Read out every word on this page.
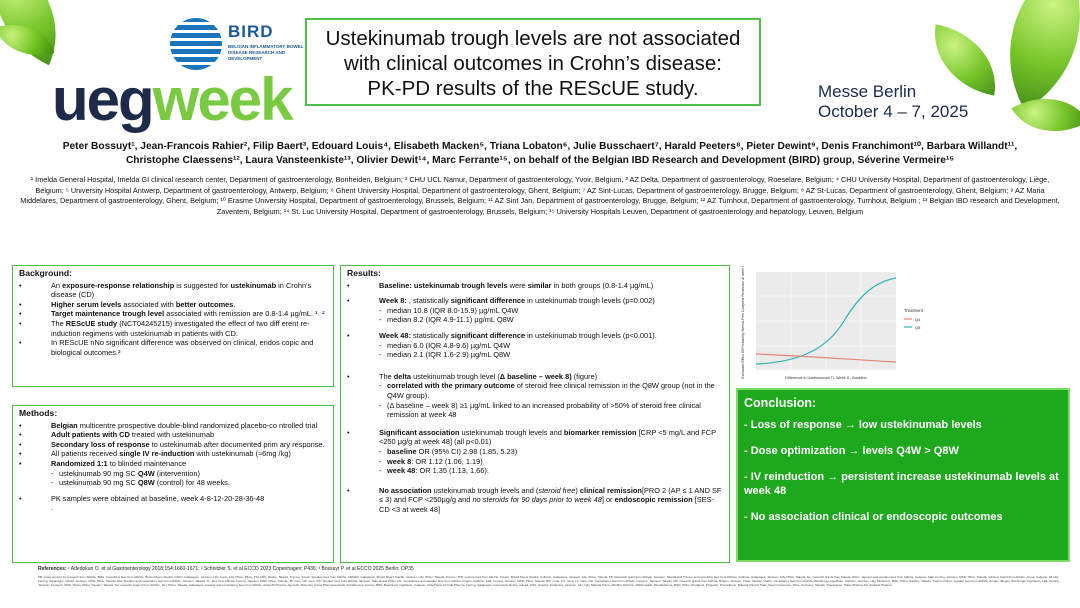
BIRD
BELGIAN INFLAMMATORY BOWEL DISEASE RESEARCH AND DEVELOPMENT
uegweek

Ustekinumab trough levels are not associated

with clinical outcomes in Crohn’s disease:

PK-PD results of the REScUE study.	Messe Berlin
October 4 – 7, 2025
Peter Bossuyt¹, Jean-Francois Rahier², Filip Baert³, Edouard Louis⁴, Elisabeth Macken⁵, Triana Lobaton⁶, Julie Busschaert⁷, Harald Peeters⁸, Pieter Dewint⁹, Denis Franchimont¹⁰, Barbara Willandt¹¹, Christophe Claessens¹², Laura Vansteenkiste¹³, Olivier Dewit¹⁴, Marc Ferrante¹⁵, on behalf of the Belgian IBD Research and Development (BIRD) group, Séverine Vermeire¹⁵
¹ Imelda General Hospital, Imelda GI clinical research center, Department of gastroenterology, Bonheiden, Belgium; ² CHU UCL Namur, Department of gastroenterology, Yvoir, Belgium, ³ AZ Delta, Department of gastroenterology, Roeselare, Belgium; ⁴ CHU University Hospital, Department of gastroenterology, Liège, Belgium; ⁵ University Hospital Antwerp, Department of gastroenterology, Antwerp, Belgium; ⁶ Ghent University Hospital, Department of gastroenterology, Ghent, Belgium; ⁷ AZ Sint-Lucas, Department of gastroenterology, Brugge, Belgium; ⁸ AZ St-Lucas, Department of gastroenterology, Ghent, Belgium; ⁹ AZ Maria Middelares, Department of gastroenterology, Ghent, Belgium; ¹⁰ Erasme University Hospital, Department of gastroenterology, Brussels, Belgium; ¹¹ AZ Sint Jan, Department of gastroenterology, Brugge, Belgium; ¹² AZ Turnhout, Department of gastroenterology, Turnhout, Belgium ; ¹³ Belgian IBD research and Development, Zaventem, Belgium; ¹⁴ St. Luc University Hospital, Department of gastroenterology, Brussels, Belgium; ¹⁵ University Hospitals Leuven, Department of gastroenterology and hepatology, Leuven, Belgium
Background:
• An exposure-response relationship is suggested for ustekinumab in Crohn's disease (CD)
• Higher serum levels associated with better outcomes.
• Target maintenance trough level associated with remission are 0.8-1.4 µg/mL. ¹˒ ²
• The REScUE study (NCT04245215) investigated the effect of two diff erent re-induction regimens with ustekinumab in patients with CD.
• In REScUE nNo significant difference was observed on clinical, endos copic and biological outcomes.³
Methods:
• Belgian multicentre prospective double-blind randomized placebo-co ntrolled trial
• Adult patients with CD treated with ustekinumab
• Secondary loss of response to ustekinumab after documented prim ary response.
• All patients received single IV re-induction with ustekinumab (≈6mg /kg)
• Randomized 1:1 to blinded maintenance
- ustekinumab 90 mg SC Q4W (intervention)
- ustekinumab 90 mg SC Q8W (control) for 48 weeks.
• PK samples were obtained at baseline, week 4-8-12-20-28-36-48
.
Results:
• Baseline: ustekinumab trough levels were similar in both groups (0.8-1.4 µg/mL)
• Week 8: , statistically significant difference in ustekinumab trough levels (p=0.002)
- median 10.8 (IQR 8.0-15.9) µg/mL Q4W
- median 8.2 (IQR 4.9-11.1) µg/mL Q8W
• Week 48: statistically significant difference in ustekinumab trough levels (p<0.001).
- median 6.0 (IQR 4.8-9.6) µg/mL Q4W
- median 2.1 (IQR 1.6-2.9) µg/mL Q8W
• The delta ustekinumab trough level (Δ baseline – week 8) (figure)
- correlated with the primary outcome of steroid free clinical remission in the Q8W group (not in the Q4W group).
- (Δ baseline – week 8) ≥1 µg/mL linked to an increased probability of >50% of steroid free clinical remission at week 48
• Significant association ustekinumab trough levels and biomarker remission [CRP <5 mg/L and FCP <250 µg/g at week 48] (all p<0.01)
- baseline OR (95% CI) 2.98 (1.85, 5.23)
- week 8: OR 1.12 (1.06, 1.19)
- week 48: OR 1.35 (1.13, 1.66).
• No association ustekinumab trough levels and (steroid free) clinical remission[PRO 2 (AP ≤ 1 AND SF ≤ 3) and FCP <250µg/g and no steroids for 90 days prior to week 48] or endoscopic remission [SES-CD <3 at week 48]
Estimated Effect Of Probability Steroid-Free Complete Remission at week 48	Difference in Ustekinumab TL Week 8 - Baseline
Treatment
Q4
Q8
Conclusion:

- Loss of response → low ustekinumab levels

- Dose optimization → levels Q4W > Q8W

- IV reinduction → persistent increase ustekinumab levels at week 48

- No association clinical or endoscopic outcomes

References: ¹ Adedokun O. et al Gastroenterology 2018;154:1660-1671; ² Schnitzler S. et al ECCO 2023 Copenhagen; P436; ³ Bossuyt P. et al ECCO 2025 Berlin; OP35
PB: Grant support for research from AbbVie, BMS, Consulting fees from AbbVie, Bristol Myers Squibb, CSFC, Galapagos, Janssen, Lilly, Lupin, Lilly, Pfizer, Pfizer, PSI-CRO, Roche, Takeda, Tramvo, Sanofi; Speaker fees from AbbVie, AMGEN, Galapagos, Bristol Myers Squibb, Janssen, Lilly, Pfizer, Takeda, Tramvo; JFR: Lecture fees from AbbVie, Amgen, Bristol Myers Squibb, Celltrion, Galapagos, Janssen, Lilly, Pfizer, Takeda; FB: Research grant from AbbVie, Janssen, Takeda and Tramvo and consulting fees from AbbVie, Celltrion, Galapagos, Janssen, Lilly, Pfizer, Takeda; EL: research grants from Takeda, Pfizer, Janssen and speaker fees from AbbVie, Celgene, Falk, Ferring, Janssen, MSD, Pfizer, Takeda; advisory board from AbbVie, Arena, Celgene, Eli Lilly, Ferring, Galapagos, Gilead, Janssen, MSD, Pfizer, Takeda; EM: Speaker and consultancy fees from AbbVie, Janssen, Takeda; TL: fees from AbbVie, Ferring, Janssen, MSD, Pfizer, Takeda; JB: none; HP: none; PD: Speaker fees from AbbVie, Janssen, Takeda and Pfizer; DF: Consultancy and speaker fees from AbbVie, Amgen, Celltrion, Falk, Ferring, Janssen, MSD, Pfizer, Takeda; BW: none; CC: none; LV: none; OD: Consultancy fees from AbbVie, Celgene, Janssen, Takeda; MF: research grants from AbbVie, Biogen, Janssen, Pfizer, Takeda, Viatris; consultancy fees from AbbVie, Boehringer-Ingelheim, Celltrion, Janssen, Lilly, Medtronic, MSD, Pfizer, Sandoz, Takeda, Thermo Fisher; speaker fees from AbbVie, Amgen, Biogen, Boehringer-Ingelheim, Falk, Ferring, Janssen, Lamepro, MSD, Mylan, Pfizer, Sandoz, Takeda; SV: research support from AbbVie, J&J, Pfizer, Takeda, Galapagos; speaker and consultancy fees from AbbVie, AbolerIS Pharma, AgomAb, Alimentiv, Arena Pharmaceuticals, AstraZeneca, Avaxia, BMS, Boehringer Ingelheim, Celgene, CVasThera, Dr Falk Pharma, Ferring, Galapagos, Genentech-Roche, Gilead, GSK, Hospira, Imidomics, Janssen, J&J, Lilly, Materia Prima, MiroBio, Morphic, MRM Health, Mundipharma, MSD, Pfizer, Prodigest, Progenity, Prometheus, Robarts Clinical Trials, Second Genome, Shire, Surrozen, Takeda, Theravance, Tillots Pharma AG, Zealand Pharma.
